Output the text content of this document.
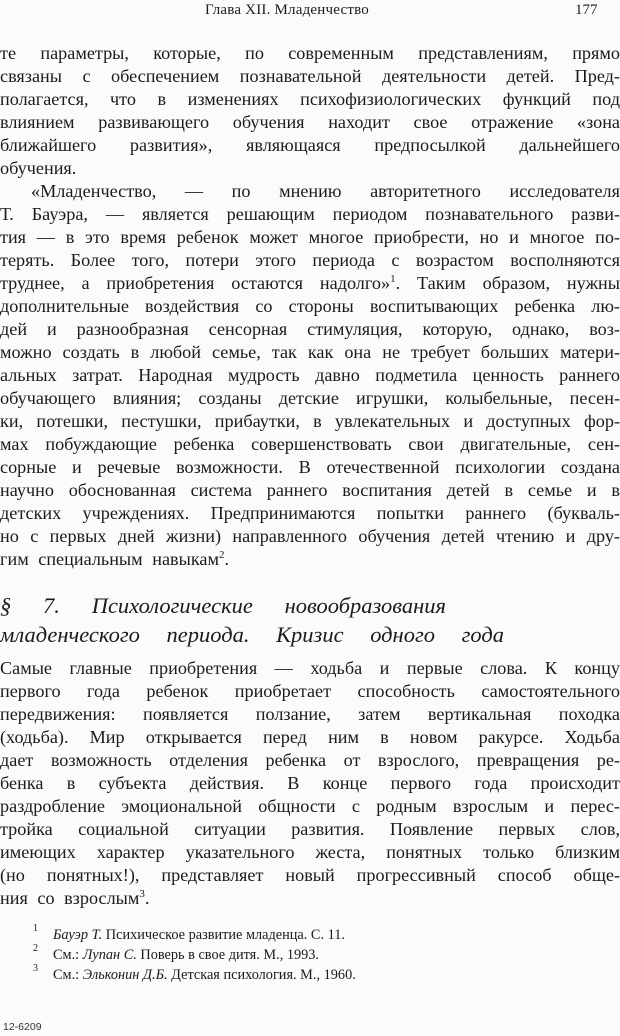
Глава XII. Младенчество	177
те параметры, которые, по современным представлениям, прямо
связаны с обеспечением познавательной деятельности детей. Пред-
полагается, что в изменениях психофизиологических функций под
влиянием развивающего обучения находит свое отражение «зона
ближайшего развития», являющаяся предпосылкой дальнейшего
обучения.
«Младенчество, — по мнению авторитетного исследователя
Т. Бауэра, — является решающим периодом познавательного разви-
тия — в это время ребенок может многое приобрести, но и многое по-
терять. Более того, потери этого периода с возрастом восполняются
труднее, а приобретения остаются надолго»$^1$. Таким образом, нужны
дополнительные воздействия со стороны воспитывающих ребенка лю-
дей и разнообразная сенсорная стимуляция, которую, однако, воз-
можно создать в любой семье, так как она не требует больших матери-
альных затрат. Народная мудрость давно подметила ценность раннего
обучающего влияния; созданы детские игрушки, колыбельные, песен-
ки, потешки, пестушки, прибаутки, в увлекательных и доступных фор-
мах побуждающие ребенка совершенствовать свои двигательные, сен-
сорные и речевые возможности. В отечественной психологии создана
научно обоснованная система раннего воспитания детей в семье и в
детских учреждениях. Предпринимаются попытки раннего (букваль-
но с первых дней жизни) направленного обучения детей чтению и дру-
гим специальным навыкам$^2$.
§ 7. Психологические новообразования
младенческого периода. Кризис одного года
Самые главные приобретения — ходьба и первые слова. К концу
первого года ребенок приобретает способность самостоятельного
передвижения: появляется ползание, затем вертикальная походка
(ходьба). Мир открывается перед ним в новом ракурсе. Ходьба
дает возможность отделения ребенка от взрослого, превращения ре-
бенка в субъекта действия. В конце первого года происходит
раздробление эмоциональной общности с родным взрослым и перес-
тройка социальной ситуации развития. Появление первых слов,
имеющих характер указательного жеста, понятных только близким
(но понятных!), представляет новый прогрессивный способ обще-
ния со взрослым$^3$.
1 Бауэр Т. Психическое развитие младенца. С. 11.
2 См.: Лупан С. Поверь в свое дитя. М., 1993.
3 См.: Эльконин Д.Б. Детская психология. М., 1960.
12-6209
